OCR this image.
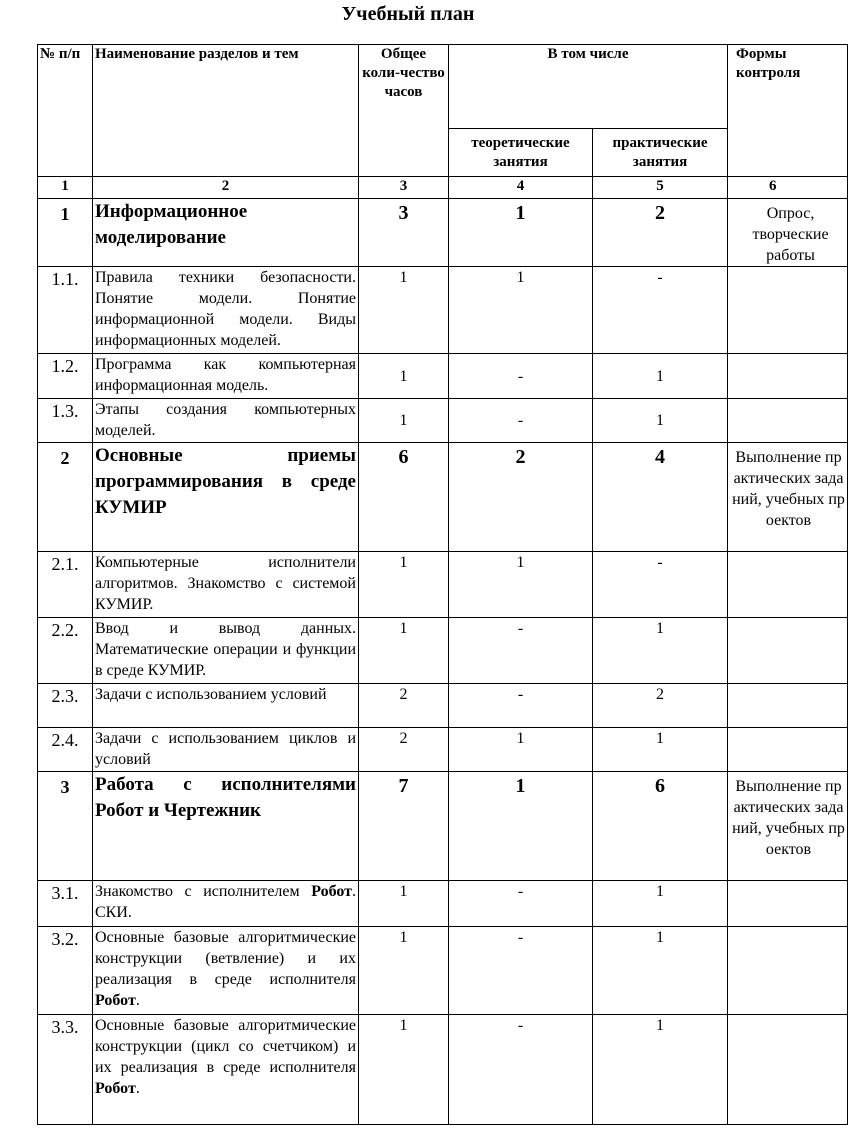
Учебный план
№ п/п	Наименование разделов и тем	Общее коли-чество часов	В том числе		Формы контроля
			теоретические занятия	практические занятия	
1	2	3	4	5	6
1	Информационное моделирование	3	1	2	Опрос, творческие работы
1.1.	Правила техники безопасности. Понятие модели. Понятие информационной модели. Виды информационных моделей.	1	1	-	
1.2.	Программа как компьютерная информационная модель.	1	-	1	
1.3.	Этапы создания компьютерных моделей.	1	-	1	
2	Основные приемы программирования в среде КУМИР	6	2	4	Выполнение практических заданий, учебных проектов
2.1.	Компьютерные исполнители алгоритмов. Знакомство с системой КУМИР.	1	1	-	
2.2.	Ввод и вывод данных. Математические операции и функции в среде КУМИР.	1	-	1	
2.3.	Задачи с использованием условий	2	-	2	
2.4.	Задачи с использованием циклов и условий	2	1	1	
3	Работа с исполнителями Робот и Чертежник	7	1	6	Выполнение практических заданий, учебных проектов
3.1.	Знакомство с исполнителем Робот. СКИ.	1	-	1	
3.2.	Основные базовые алгоритмические конструкции (ветвление) и их реализация в среде исполнителя Робот.	1	-	1	
3.3.	Основные базовые алгоритмические конструкции (цикл со счетчиком) и их реализация в среде исполнителя Робот.	1	-	1	
